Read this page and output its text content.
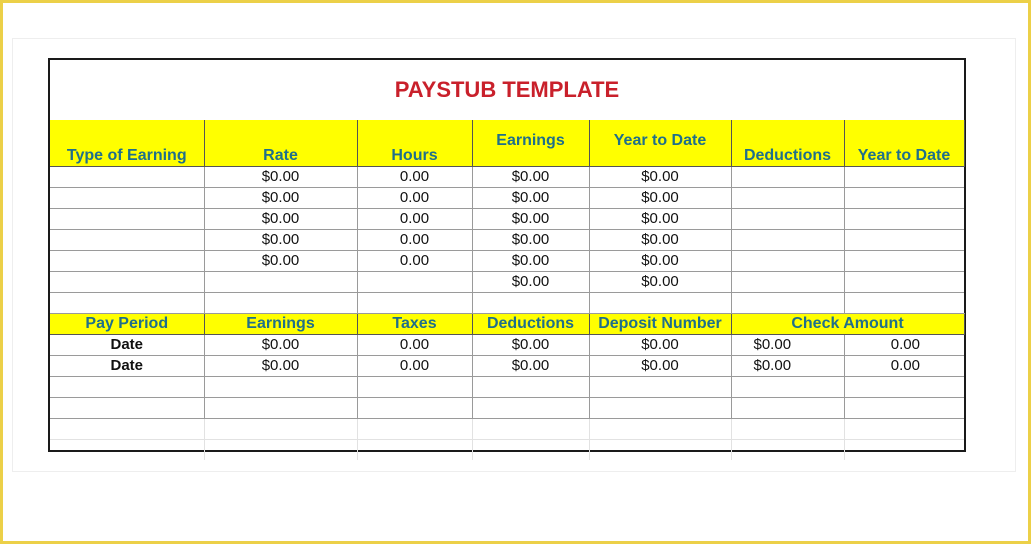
PAYSTUB TEMPLATE
Type of Earning	Rate	Hours	Earnings	Year to Date	Deductions	Year to Date
	$0.00	0.00	$0.00	$0.00		
	$0.00	0.00	$0.00	$0.00		
	$0.00	0.00	$0.00	$0.00		
	$0.00	0.00	$0.00	$0.00		
	$0.00	0.00	$0.00	$0.00		
			$0.00	$0.00		

Pay Period	Earnings	Taxes	Deductions	Deposit Number	Check Amount	
Date	$0.00	0.00	$0.00	$0.00	$0.00	0.00
Date	$0.00	0.00	$0.00	$0.00	$0.00	0.00
